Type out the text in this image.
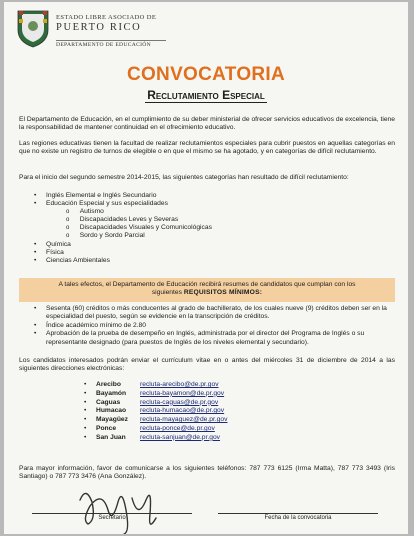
ESTADO LIBRE ASOCIADO DE
PUERTO RICO
DEPARTAMENTO DE EDUCACIÓN
CONVOCATORIA
Reclutamiento Especial
El Departamento de Educación, en el cumplimiento de su deber ministerial de ofrecer servicios educativos de excelencia, tiene la responsabilidad de mantener continuidad en el ofrecimiento educativo.
Las regiones educativas tienen la facultad de realizar reclutamientos especiales para cubrir puestos en aquellas categorías en que no existe un registro de turnos de elegible o en que el mismo se ha agotado, y en categorías de difícil reclutamiento.
Para el inicio del segundo semestre 2014-2015, las siguientes categorías han resultado de difícil reclutamiento:
• Inglés Elemental e Inglés Secundario
• Educación Especial y sus especialidades
o Autismo
o Discapacidades Leves y Severas
o Discapacidades Visuales y Comunicológicas
o Sordo y Sordo Parcial
• Química
• Física
• Ciencias Ambientales
A tales efectos, el Departamento de Educación recibirá resumes de candidatos que cumplan con los
siguientes REQUISITOS MÍNIMOS:
• Sesenta (60) créditos o más conducentes al grado de bachillerato, de los cuales nueve (9) créditos deben ser en la especialidad del puesto, según se evidencie en la transcripción de créditos.
• Índice académico mínimo de 2.80
• Aprobación de la prueba de desempeño en Inglés, administrada por el director del Programa de Inglés o su representante designado (para puestos de Inglés de los niveles elemental y secundario).
Los candidatos interesados podrán enviar el currículum vitae en o antes del miércoles 31 de diciembre de 2014 a las siguientes direcciones electrónicas:
•	Arecibo	recluta-arecibo@de.pr.gov
•	Bayamón	recluta-bayamon@de.pr.gov
•	Caguas	recluta-caguas@de.pr.gov
•	Humacao	recluta-humacao@de.pr.gov
•	Mayagüez	recluta-mayaguez@de.pr.gov
•	Ponce	recluta-ponce@de.pr.gov
•	San Juan	recluta-sanjuan@de.pr.gov
Para mayor información, favor de comunicarse a los siguientes teléfonos: 787 773 6125 (Irma Matta), 787 773 3493 (Iris Santiago) o 787 773 3476 (Ana González).
Secretario	Fecha de la convocatoria
